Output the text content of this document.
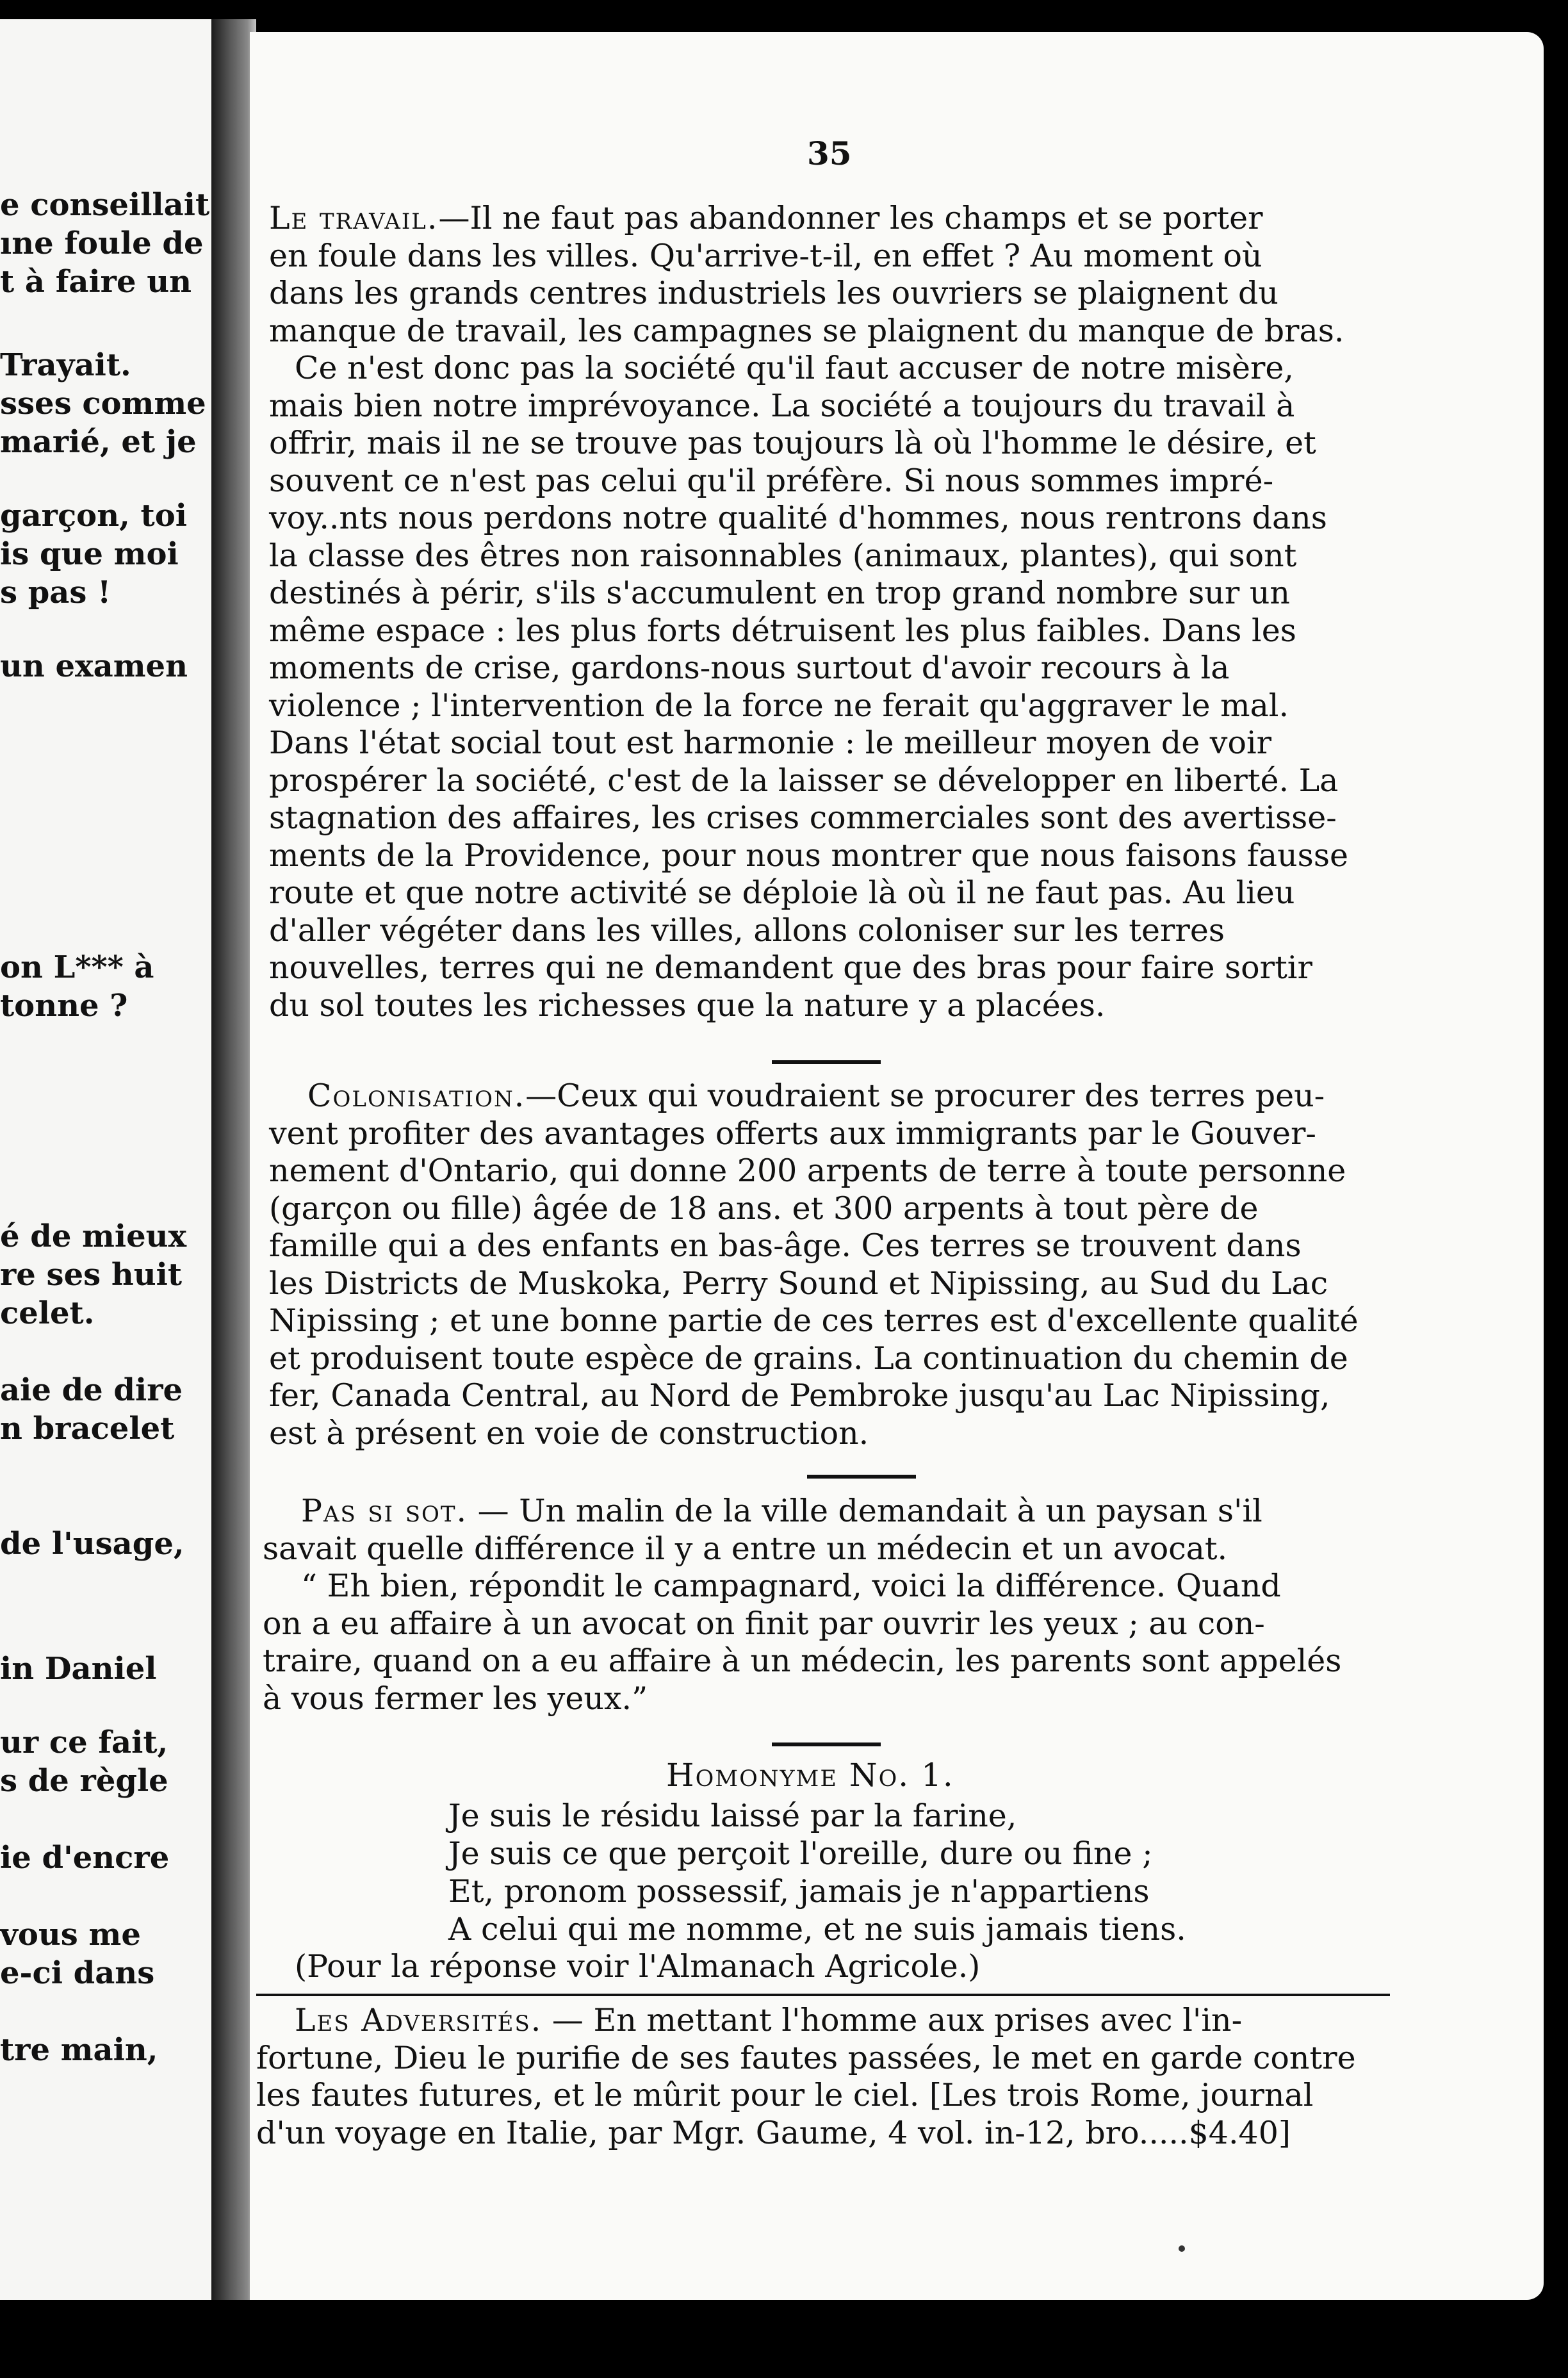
e conseillait
ıne foule de
t à faire un
Trayait.
sses comme
marié, et je
garçon, toi
is que moi
s pas !
un examen
on L*** à
tonne ?
é de mieux
re ses huit
celet.
aie de dire
n bracelet
de l'usage,
in Daniel
ur ce fait,
s de règle
ie d'encre
vous me
e-ci dans
tre main,
35
Le travail.—Il ne faut pas abandonner les champs et se porter
en foule dans les villes. Qu'arrive-t-il, en effet ? Au moment où
dans les grands centres industriels les ouvriers se plaignent du
manque de travail, les campagnes se plaignent du manque de bras.
Ce n'est donc pas la société qu'il faut accuser de notre misère,
mais bien notre imprévoyance. La société a toujours du travail à
offrir, mais il ne se trouve pas toujours là où l'homme le désire, et
souvent ce n'est pas celui qu'il préfère. Si nous sommes impré-
voy..nts nous perdons notre qualité d'hommes, nous rentrons dans
la classe des êtres non raisonnables (animaux, plantes), qui sont
destinés à périr, s'ils s'accumulent en trop grand nombre sur un
même espace : les plus forts détruisent les plus faibles. Dans les
moments de crise, gardons-nous surtout d'avoir recours à la
violence ; l'intervention de la force ne ferait qu'aggraver le mal.
Dans l'état social tout est harmonie : le meilleur moyen de voir
prospérer la société, c'est de la laisser se développer en liberté. La
stagnation des affaires, les crises commerciales sont des avertisse-
ments de la Providence, pour nous montrer que nous faisons fausse
route et que notre activité se déploie là où il ne faut pas. Au lieu
d'aller végéter dans les villes, allons coloniser sur les terres
nouvelles, terres qui ne demandent que des bras pour faire sortir
du sol toutes les richesses que la nature y a placées.
Colonisation.—Ceux qui voudraient se procurer des terres peu-
vent profiter des avantages offerts aux immigrants par le Gouver-
nement d'Ontario, qui donne 200 arpents de terre à toute personne
(garçon ou fille) âgée de 18 ans. et 300 arpents à tout père de
famille qui a des enfants en bas-âge. Ces terres se trouvent dans
les Districts de Muskoka, Perry Sound et Nipissing, au Sud du Lac
Nipissing ; et une bonne partie de ces terres est d'excellente qualité
et produisent toute espèce de grains. La continuation du chemin de
fer, Canada Central, au Nord de Pembroke jusqu'au Lac Nipissing,
est à présent en voie de construction.
Pas si sot. — Un malin de la ville demandait à un paysan s'il
savait quelle différence il y a entre un médecin et un avocat.
“ Eh bien, répondit le campagnard, voici la différence. Quand
on a eu affaire à un avocat on finit par ouvrir les yeux ; au con-
traire, quand on a eu affaire à un médecin, les parents sont appelés
à vous fermer les yeux.”
Homonyme No. 1.
Je suis le résidu laissé par la farine,
Je suis ce que perçoit l'oreille, dure ou fine ;
Et, pronom possessif, jamais je n'appartiens
A celui qui me nomme, et ne suis jamais tiens.
(Pour la réponse voir l'Almanach Agricole.)
Les Adversités. — En mettant l'homme aux prises avec l'in-
fortune, Dieu le purifie de ses fautes passées, le met en garde contre
les fautes futures, et le mûrit pour le ciel. [Les trois Rome, journal
d'un voyage en Italie, par Mgr. Gaume, 4 vol. in-12, bro.....$4.40]
